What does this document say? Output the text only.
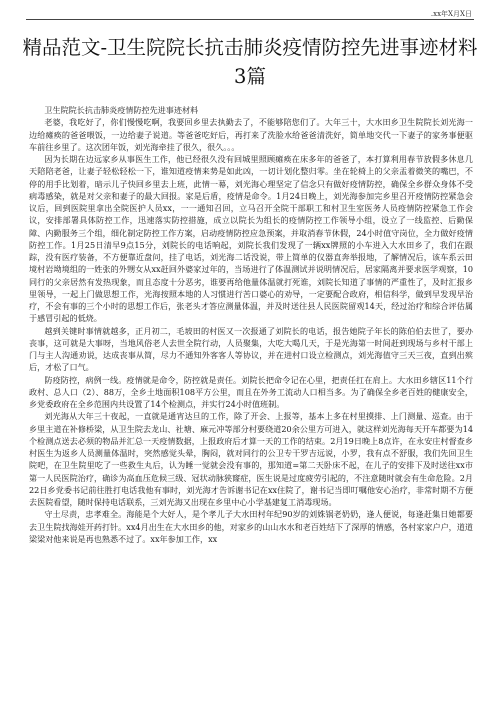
.xx年X月X日
精品范文-卫生院院长抗击肺炎疫情防控先进事迹材料3篇

卫生院院长抗击肺炎疫情防控先进事迹材料

老婆，我吃好了，你们慢慢吃啊，我要回乡里去执勤去了，不能够陪您们了。大年三十，大水田乡卫生院院长刘光海一边给瘫痪的爸爸喂饭，一边给妻子说道。等爸爸吃好后，再打来了洗脸水给爸爸清洗好，简单地交代一下妻子的家务事便驱车前往乡里了。这次团年饭，刘光海牵挂了很久，很久。。。

因为长期在边远家乡从事医生工作，他已经很久没有回城里照顾瘫痪在床多年的爸爸了，本打算利用春节放假多休息几天陪陪老爸，让妻子轻松轻松一下，谁知道疫情来势是如此凶，一切计划化整归零。坐在轮椅上的父亲盂着微笑的嘴巴，不停的用手比划着，暗示儿子快回乡里去上班，此情一幕，刘光海心理坚定了信念只有做好疫情防控，确保全乡群众身体不受病毒感染，就是对父亲和妻子的最大回报。家是后盾，疫情是命令。1月24日晚上，刘光海参加完乡里召开疫情防控紧急会议后，回到医院里拿出全院医护人员xx，一一通知召回，立马召开全院干部职工和村卫生室医务人员疫情防控紧急工作会议，安排部署具体防控工作，迅速落实防控措施，成立以院长为组长的疫情防控工作领导小组，设立了一线监控、后勤保障、内勤服务三个组，细化制定防控工作方案，启动疫情防控应急预案，并取消春节休假，24小时值守岗位，全力做好疫情防控工作。1月25日清早9点15分，刘院长的电话响起，刘院长我们发现了一辆xx牌照的小车进入大水田乡了，我们在跟踪，没有医疗装备，不方便靠近盘问，挂了电话，刘光海二话没说，带上简单的仪器直奔举报地，了解情况后，该车系云田境村岩坳境组的一姓张的外甥女从xx赶回外婆家过年的，当场进行了体温测试并说明情况后，居家隔离并要求医学观察，10同行的父亲居然有发热现象，而且态度十分恶劣，谁要再给他量体温就打死谁，刘院长知道了事情的严重性了，及时汇报乡里领导，一起上门做思想工作，光海按照本地的人习惯进行苦口婆心的劝导，一定要配合政府，相信科学，做到早发现早治疗，不会有事的三个小时的思想工作后，张老头才答应测量体温，并及时送往县人民医院留观14天，经过治疗和综合评估属于感冒引起的低烧。

越到关键时事情就越多，正月初二，毛坡田的村医又一次报通了刘院长的电话，报告她院子年长的陈伯伯去世了，要办丧事，这可就是大事呀，当地风俗老人去世全院行动，人员聚集，大吃大喝几天，于是光海第一时间赶到现场与乡村干部上门与主人沟通劝说，达成丧事从简，尽力不通知外客客人等协议，并在进村口设立检测点，刘光海值守三天三夜，直到出殡后，才松了口气。

防疫防控，病例一线。疫情就是命令，防控就是责任。刘院长把命令记在心里，把责任扛在肩上。大水田乡辖区11个行政村、总人口（2）、88万，全乡土地面积108平方公里，而且在外务工流动人口相当多。为了确保全乡老百姓的健康安全，乡党委政府在全乡范围内共设置了14个检测点，并实行24小时值班制。

刘光海从大年三十夜起，一直就是通宵达旦的工作，除了开会、上报等，基本上多在村里摸排、上门测量、巡查。由于乡里主道在补修桥梁，从卫生院去龙山、社塘、麻元冲等部分村要绕道20余公里方可进入，就这样刘光海每天开车都要为14个检测点送去必须的物品并汇总一天疫情数据，上报政府后才算一天的工作的结束。2月19日晚上8点许，在永安庄村督查乡村医生为返乡人员测量体温时，突然感觉头晕，胸闷，就对同行的公卫专干罗吉远说，小罗，我有点不舒服，我们先回卫生院吧，在卫生院里吃了一些救生丸后，认为睡一觉就会没有事的，那知道=第二天卧床不起，在儿子的安排下及时送往xx市第一人民医院治疗，确诊为高血压危候三级、冠状动脉狭窿症，医生说是过度疲劳引起的，不注意随时就会有生命危险。2月22日乡党委书记前往胜打电话我他有事时，刘光海才告诉谢书记在xx住院了，谢书记当即叮嘱他安心治疗，非常时期不方便去医院看望，随时保持电话联系，三刘光海又出现在乡里中心小学基建复工消毒现场。

守土尽责，忠孝难全。海能是个大好人，是个孝儿子大水田村年纪90岁的刘姝锅老奶奶，逢人便说，每逢赶集日她都要去卫生院找海娃开药打针。xx4月出生在大水田乡的他，对家乡的山山水水和老百姓结下了深厚的情感，各村家家户户，道道梁梁对他来说是再也熟悉不过了。xx年参加工作，xx
